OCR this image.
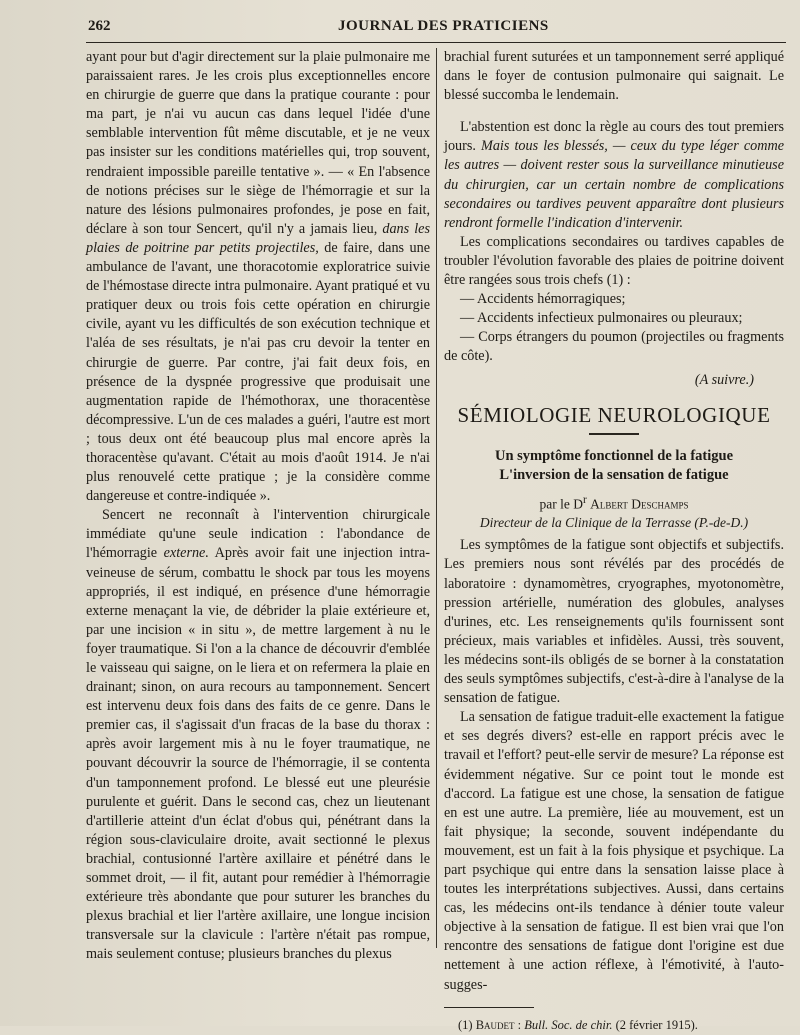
262	JOURNAL DES PRATICIENS

ayant pour but d'agir directement sur la plaie pulmonaire me paraissaient rares. Je les crois plus exceptionnelles encore en chirurgie de guerre que dans la pratique courante : pour ma part, je n'ai vu aucun cas dans lequel l'idée d'une semblable intervention fût même discutable, et je ne veux pas insister sur les conditions matérielles qui, trop souvent, rendraient impossible pareille tentative ». — « En l'absence de notions précises sur le siège de l'hémorragie et sur la nature des lésions pulmonaires profondes, je pose en fait, déclare à son tour Sencert, qu'il n'y a jamais lieu, dans les plaies de poitrine par petits projectiles, de faire, dans une ambulance de l'avant, une thoracotomie exploratrice suivie de l'hémostase directe intra pulmonaire. Ayant pratiqué et vu pratiquer deux ou trois fois cette opération en chirurgie civile, ayant vu les difficultés de son exécution technique et l'aléa de ses résultats, je n'ai pas cru devoir la tenter en chirurgie de guerre. Par contre, j'ai fait deux fois, en présence de la dyspnée progressive que produisait une augmentation rapide de l'hémothorax, une thoracentèse décompressive. L'un de ces malades a guéri, l'autre est mort ; tous deux ont été beaucoup plus mal encore après la thoracentèse qu'avant. C'était au mois d'août 1914. Je n'ai plus renouvelé cette pratique ; je la considère comme dangereuse et contre-indiquée ».

Sencert ne reconnaît à l'intervention chirurgicale immédiate qu'une seule indication : l'abondance de l'hémorragie externe. Après avoir fait une injection intra-veineuse de sérum, combattu le shock par tous les moyens appropriés, il est indiqué, en présence d'une hémorragie externe menaçant la vie, de débrider la plaie extérieure et, par une incision « in situ », de mettre largement à nu le foyer traumatique. Si l'on a la chance de découvrir d'emblée le vaisseau qui saigne, on le liera et on refermera la plaie en drainant; sinon, on aura recours au tamponnement. Sencert est intervenu deux fois dans des faits de ce genre. Dans le premier cas, il s'agissait d'un fracas de la base du thorax : après avoir largement mis à nu le foyer traumatique, ne pouvant découvrir la source de l'hémorragie, il se contenta d'un tamponnement profond. Le blessé eut une pleurésie purulente et guérit. Dans le second cas, chez un lieutenant d'artillerie atteint d'un éclat d'obus qui, pénétrant dans la région sous-claviculaire droite, avait sectionné le plexus brachial, contusionné l'artère axillaire et pénétré dans le sommet droit, — il fit, autant pour remédier à l'hémorragie extérieure très abondante que pour suturer les branches du plexus brachial et lier l'artère axillaire, une longue incision transversale sur la clavicule : l'artère n'était pas rompue, mais seulement contuse; plusieurs branches du plexus

brachial furent suturées et un tamponnement serré appliqué dans le foyer de contusion pulmonaire qui saignait. Le blessé succomba le lendemain.

L'abstention est donc la règle au cours des tout premiers jours. Mais tous les blessés, — ceux du type léger comme les autres — doivent rester sous la surveillance minutieuse du chirurgien, car un certain nombre de complications secondaires ou tardives peuvent apparaître dont plusieurs rendront formelle l'indication d'intervenir.

Les complications secondaires ou tardives capables de troubler l'évolution favorable des plaies de poitrine doivent être rangées sous trois chefs (1) :

— Accidents hémorragiques;

— Accidents infectieux pulmonaires ou pleuraux;

— Corps étrangers du poumon (projectiles ou fragments de côte).

(A suivre.)

SÉMIOLOGIE NEUROLOGIQUE
Un symptôme fonctionnel de la fatigue
L'inversion de la sensation de fatigue
par le $D^r$ Albert Deschamps
Directeur de la Clinique de la Terrasse (P.-de-D.)

Les symptômes de la fatigue sont objectifs et subjectifs. Les premiers nous sont révélés par des procédés de laboratoire : dynamomètres, cryographes, myotonomètre, pression artérielle, numération des globules, analyses d'urines, etc. Les renseignements qu'ils fournissent sont précieux, mais variables et infidèles. Aussi, très souvent, les médecins sont-ils obligés de se borner à la constatation des seuls symptômes subjectifs, c'est-à-dire à l'analyse de la sensation de fatigue.

La sensation de fatigue traduit-elle exactement la fatigue et ses degrés divers? est-elle en rapport précis avec le travail et l'effort? peut-elle servir de mesure? La réponse est évidemment négative. Sur ce point tout le monde est d'accord. La fatigue est une chose, la sensation de fatigue en est une autre. La première, liée au mouvement, est un fait physique; la seconde, souvent indépendante du mouvement, est un fait à la fois physique et psychique. La part psychique qui entre dans la sensation laisse place à toutes les interprétations subjectives. Aussi, dans certains cas, les médecins ont-ils tendance à dénier toute valeur objective à la sensation de fatigue. Il est bien vrai que l'on rencontre des sensations de fatigue dont l'origine est due nettement à une action réflexe, à l'émotivité, à l'auto-sugges-

(1) Baudet : Bull. Soc. de chir. (2 février 1915).
